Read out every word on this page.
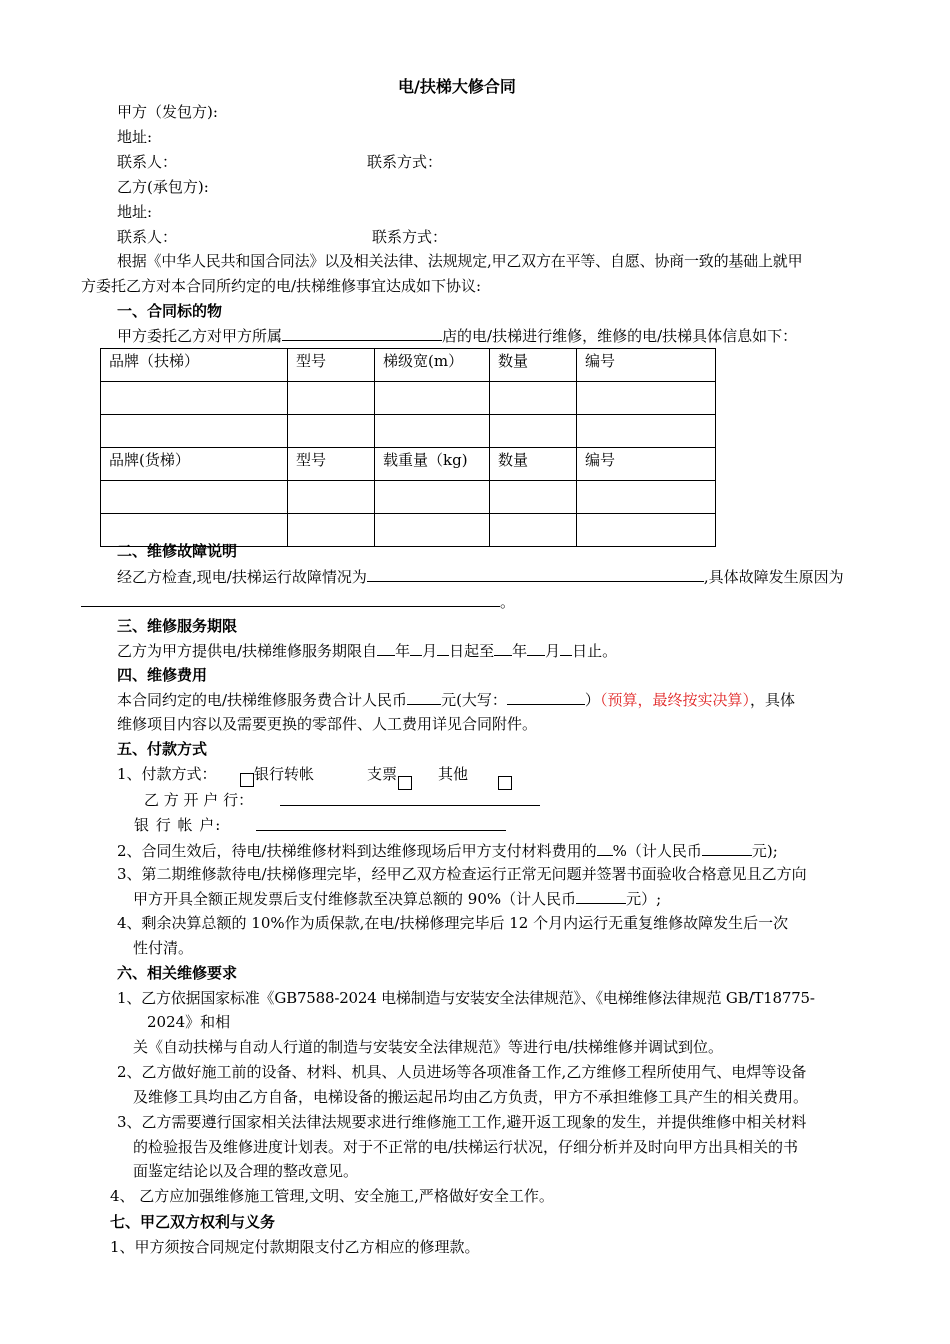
电/扶梯大修合同
甲方（发包方):
地址:
联系人：	联系方式：
乙方(承包方):
地址:
联系人：	联系方式：
根据《中华人民共和国合同法》以及相关法律、法规规定,甲乙双方在平等、自愿、协商一致的基础上就甲
方委托乙方对本合同所约定的电/扶梯维修事宜达成如下协议:
一、合同标的物
甲方委托乙方对甲方所属	店的电/扶梯进行维修，维修的电/扶梯具体信息如下：
品牌（扶梯）	型号	梯级宽(m）	数量	编号

品牌(货梯）	型号	载重量（kg)	数量	编号

二、维修故障说明
经乙方检查,现电/扶梯运行故障情况为	,具体故障发生原因为
。
三、维修服务期限
乙方为甲方提供电/扶梯维修服务期限自 年 月 日起至 年 月 日止。
四、维修费用
本合同约定的电/扶梯维修服务费合计人民币 元(大写：	）（预算，最终按实决算），具体
维修项目内容以及需要更换的零部件、人工费用详见合同附件。
五、付款方式
1、付款方式： 银行转帐	支票	其他
乙 方 开 户 行：
银 行 帐 户:
2、合同生效后，待电/扶梯维修材料到达维修现场后甲方支付材料费用的 %（计人民币	元);
3、第二期维修款待电/扶梯修理完毕，经甲乙双方检查运行正常无问题并签署书面验收合格意见且乙方向
甲方开具全额正规发票后支付维修款至决算总额的 90%（计人民币	元）;
4、剩余决算总额的 10%作为质保款,在电/扶梯修理完毕后 12 个月内运行无重复维修故障发生后一次
性付清。
六、相关维修要求
1、乙方依据国家标准《GB7588-2024 电梯制造与安装安全法律规范》、《电梯维修法律规范 GB/T18775-
2024》和相
关《自动扶梯与自动人行道的制造与安装安全法律规范》等进行电/扶梯维修并调试到位。
2、乙方做好施工前的设备、材料、机具、人员进场等各项准备工作,乙方维修工程所使用气、电焊等设备
及维修工具均由乙方自备，电梯设备的搬运起吊均由乙方负责，甲方不承担维修工具产生的相关费用。
3、乙方需要遵行国家相关法律法规要求进行维修施工工作,避开返工现象的发生，并提供维修中相关材料
的检验报告及维修进度计划表。对于不正常的电/扶梯运行状况，仔细分析并及时向甲方出具相关的书
面鉴定结论以及合理的整改意见。
4、 乙方应加强维修施工管理,文明、安全施工,严格做好安全工作。
七、甲乙双方权利与义务
1、甲方须按合同规定付款期限支付乙方相应的修理款。
